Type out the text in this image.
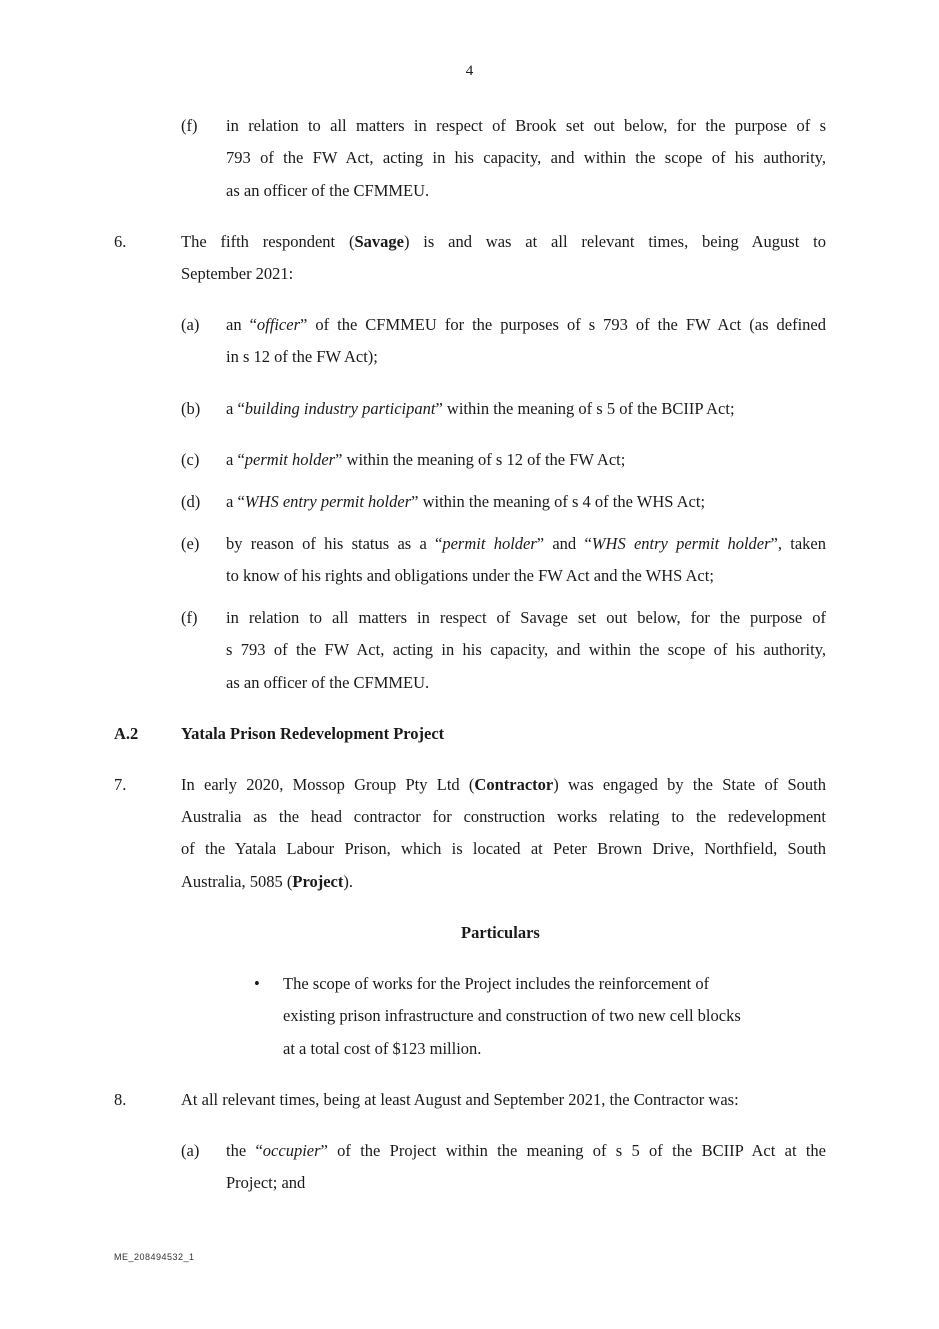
4
(f) in relation to all matters in respect of Brook set out below, for the purpose of s
793 of the FW Act, acting in his capacity, and within the scope of his authority,
as an officer of the CFMMEU.
6.	The fifth respondent (Savage) is and was at all relevant times, being August to
September 2021:
(a) an “officer” of the CFMMEU for the purposes of s 793 of the FW Act (as defined
in s 12 of the FW Act);
(b) a “building industry participant” within the meaning of s 5 of the BCIIP Act;
(c) a “permit holder” within the meaning of s 12 of the FW Act;
(d) a “WHS entry permit holder” within the meaning of s 4 of the WHS Act;
(e) by reason of his status as a “permit holder” and “WHS entry permit holder”, taken
to know of his rights and obligations under the FW Act and the WHS Act;
(f) in relation to all matters in respect of Savage set out below, for the purpose of
s 793 of the FW Act, acting in his capacity, and within the scope of his authority,
as an officer of the CFMMEU.
A.2	Yatala Prison Redevelopment Project
7.	In early 2020, Mossop Group Pty Ltd (Contractor) was engaged by the State of South
Australia as the head contractor for construction works relating to the redevelopment
of the Yatala Labour Prison, which is located at Peter Brown Drive, Northfield, South
Australia, 5085 (Project).
Particulars
• The scope of works for the Project includes the reinforcement of
existing prison infrastructure and construction of two new cell blocks
at a total cost of $123 million.
8.	At all relevant times, being at least August and September 2021, the Contractor was:
(a) the “occupier” of the Project within the meaning of s 5 of the BCIIP Act at the
Project; and
ME_208494532_1
